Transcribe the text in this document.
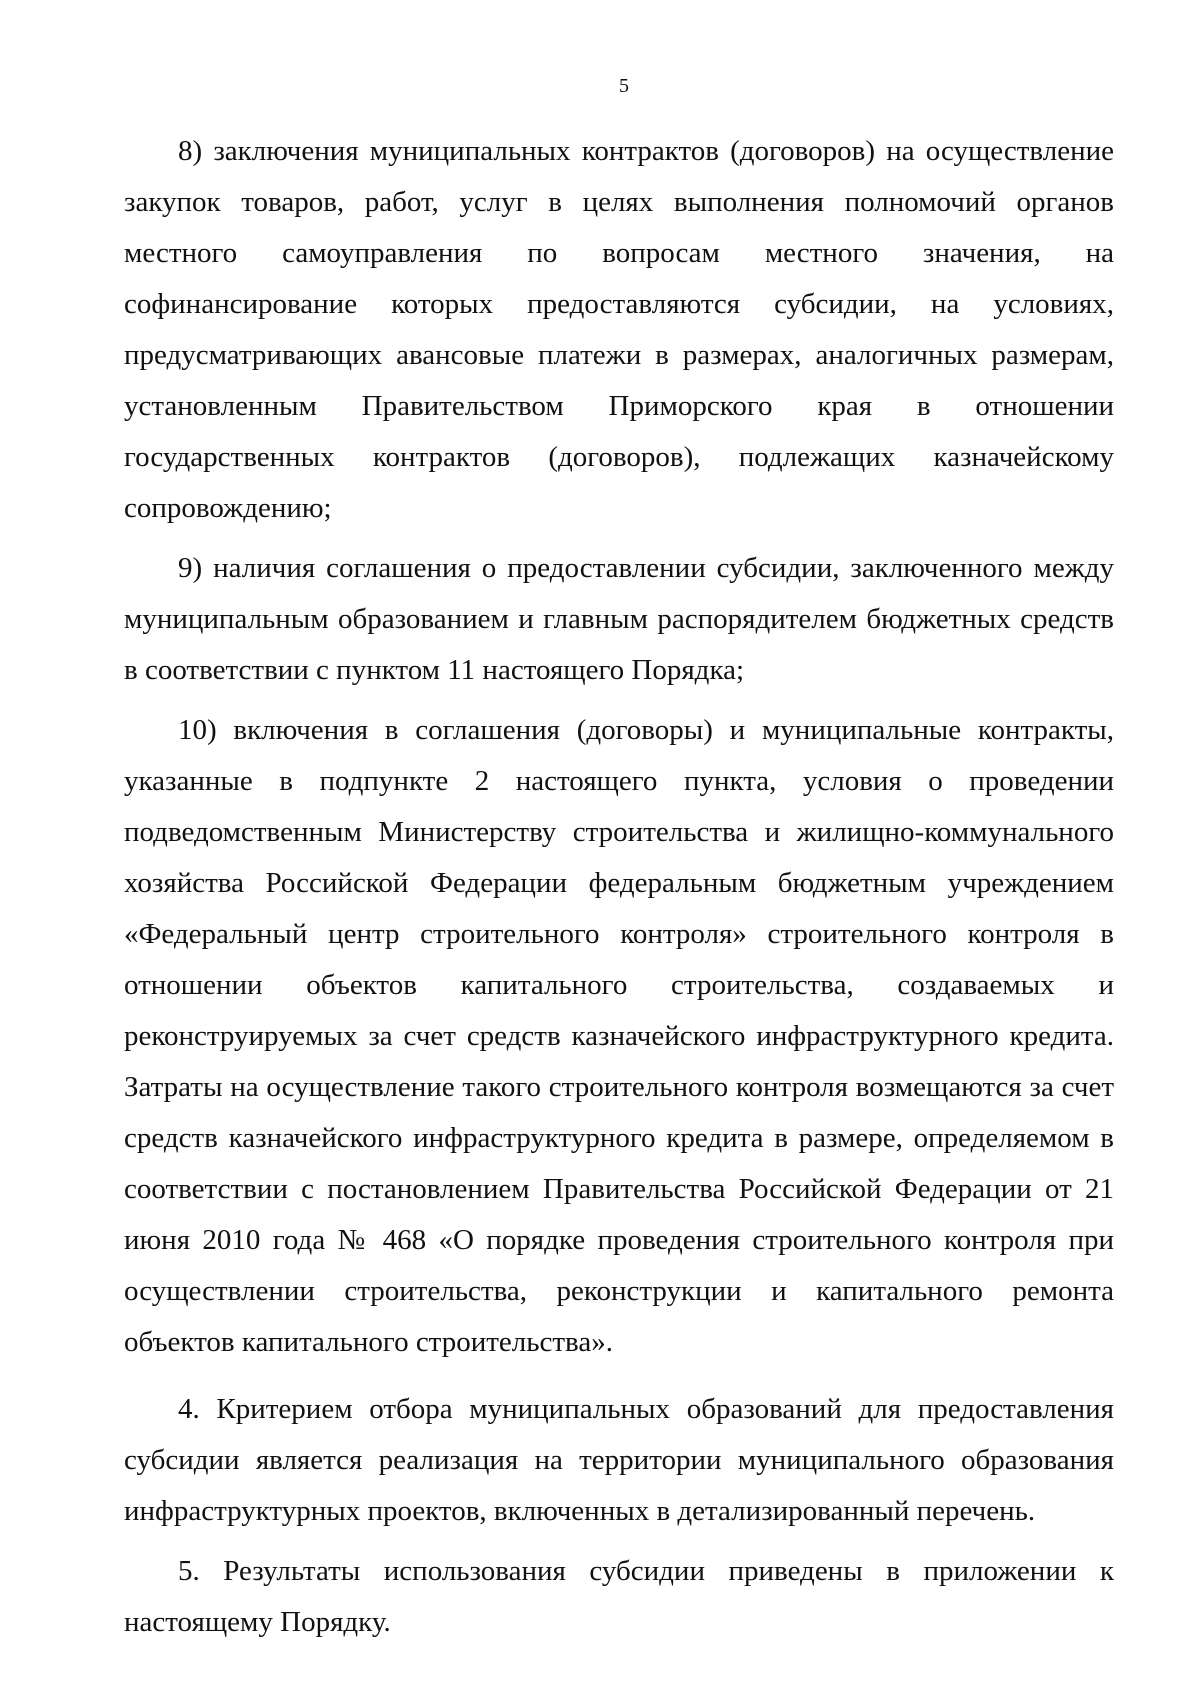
5

8) заключения муниципальных контрактов (договоров) на осуществление закупок товаров, работ, услуг в целях выполнения полномочий органов местного самоуправления по вопросам местного значения, на софинансирование которых предоставляются субсидии, на условиях, предусматривающих авансовые платежи в размерах, аналогичных размерам, установленным Правительством Приморского края в отношении государственных контрактов (договоров), подлежащих казначейскому сопровождению;

9) наличия соглашения о предоставлении субсидии, заключенного между муниципальным образованием и главным распорядителем бюджетных средств в соответствии с пунктом 11 настоящего Порядка;

10) включения в соглашения (договоры) и муниципальные контракты, указанные в подпункте 2 настоящего пункта, условия о проведении подведомственным Министерству строительства и жилищно-коммунального хозяйства Российской Федерации федеральным бюджетным учреждением «Федеральный центр строительного контроля» строительного контроля в отношении объектов капитального строительства, создаваемых и реконструируемых за счет средств казначейского инфраструктурного кредита. Затраты на осуществление такого строительного контроля возмещаются за счет средств казначейского инфраструктурного кредита в размере, определяемом в соответствии с постановлением Правительства Российской Федерации от 21 июня 2010 года № 468 «О порядке проведения строительного контроля при осуществлении строительства, реконструкции и капитального ремонта объектов капитального строительства».

4. Критерием отбора муниципальных образований для предоставления субсидии является реализация на территории муниципального образования инфраструктурных проектов, включенных в детализированный перечень.

5. Результаты использования субсидии приведены в приложении к настоящему Порядку.
